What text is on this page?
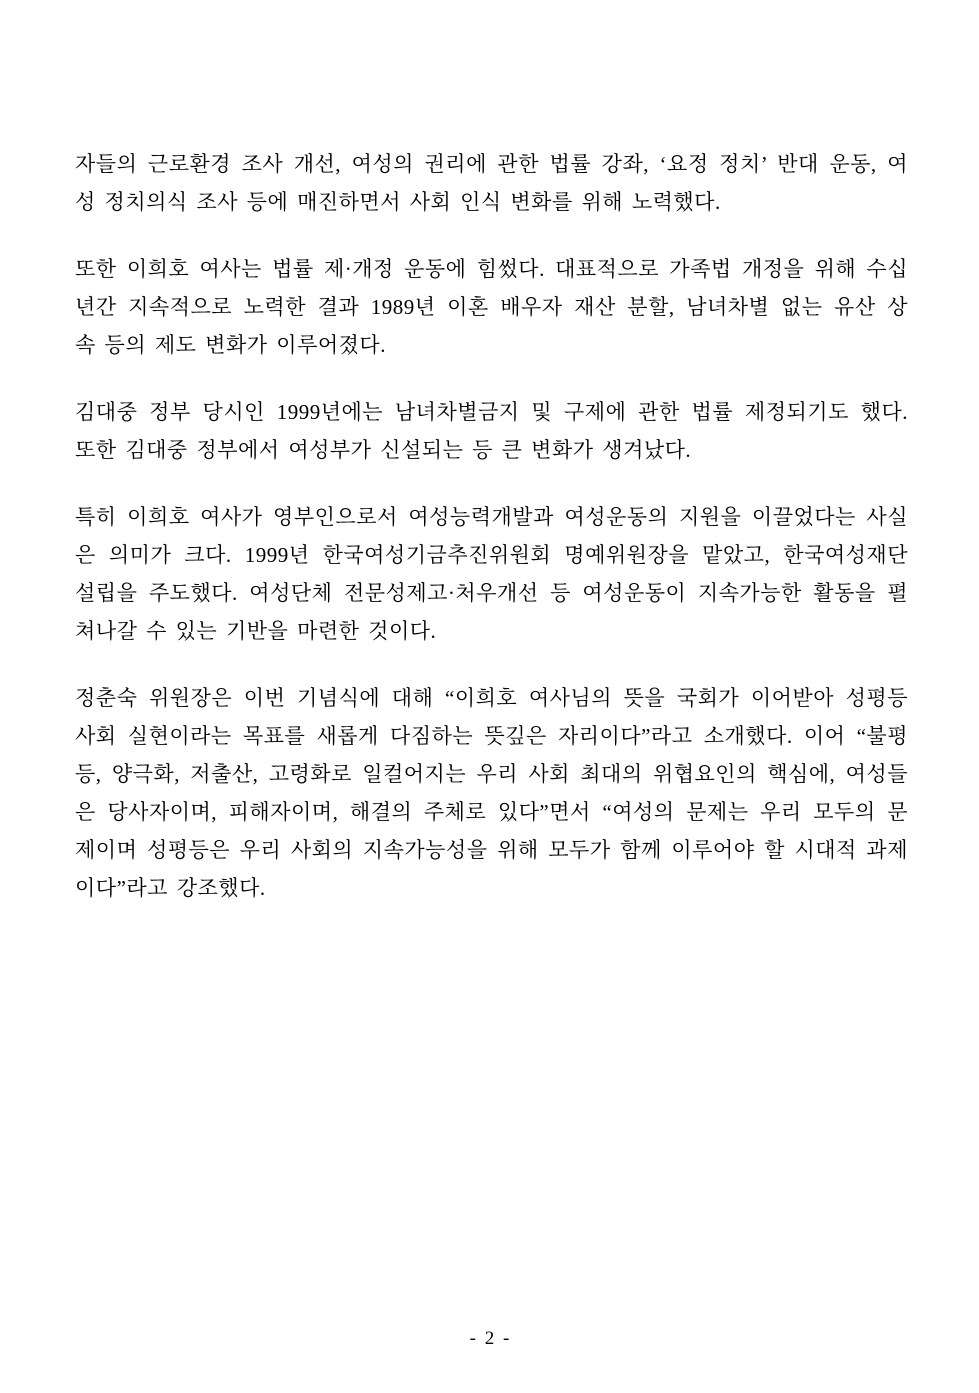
자들의 근로환경 조사 개선, 여성의 권리에 관한 법률 강좌, ‘요정 정치’ 반대 운동, 여
성 정치의식 조사 등에 매진하면서 사회 인식 변화를 위해 노력했다.

또한 이희호 여사는 법률 제·개정 운동에 힘썼다. 대표적으로 가족법 개정을 위해 수십
년간 지속적으로 노력한 결과 1989년 이혼 배우자 재산 분할, 남녀차별 없는 유산 상
속 등의 제도 변화가 이루어졌다.

김대중 정부 당시인 1999년에는 남녀차별금지 및 구제에 관한 법률 제정되기도 했다.
또한 김대중 정부에서 여성부가 신설되는 등 큰 변화가 생겨났다.

특히 이희호 여사가 영부인으로서 여성능력개발과 여성운동의 지원을 이끌었다는 사실
은 의미가 크다. 1999년 한국여성기금추진위원회 명예위원장을 맡았고, 한국여성재단
설립을 주도했다. 여성단체 전문성제고·처우개선 등 여성운동이 지속가능한 활동을 펼
쳐나갈 수 있는 기반을 마련한 것이다.

정춘숙 위원장은 이번 기념식에 대해 “이희호 여사님의 뜻을 국회가 이어받아 성평등
사회 실현이라는 목표를 새롭게 다짐하는 뜻깊은 자리이다”라고 소개했다. 이어 “불평
등, 양극화, 저출산, 고령화로 일컬어지는 우리 사회 최대의 위협요인의 핵심에, 여성들
은 당사자이며, 피해자이며, 해결의 주체로 있다”면서 “여성의 문제는 우리 모두의 문
제이며 성평등은 우리 사회의 지속가능성을 위해 모두가 함께 이루어야 할 시대적 과제
이다”라고 강조했다.

- 2 -
